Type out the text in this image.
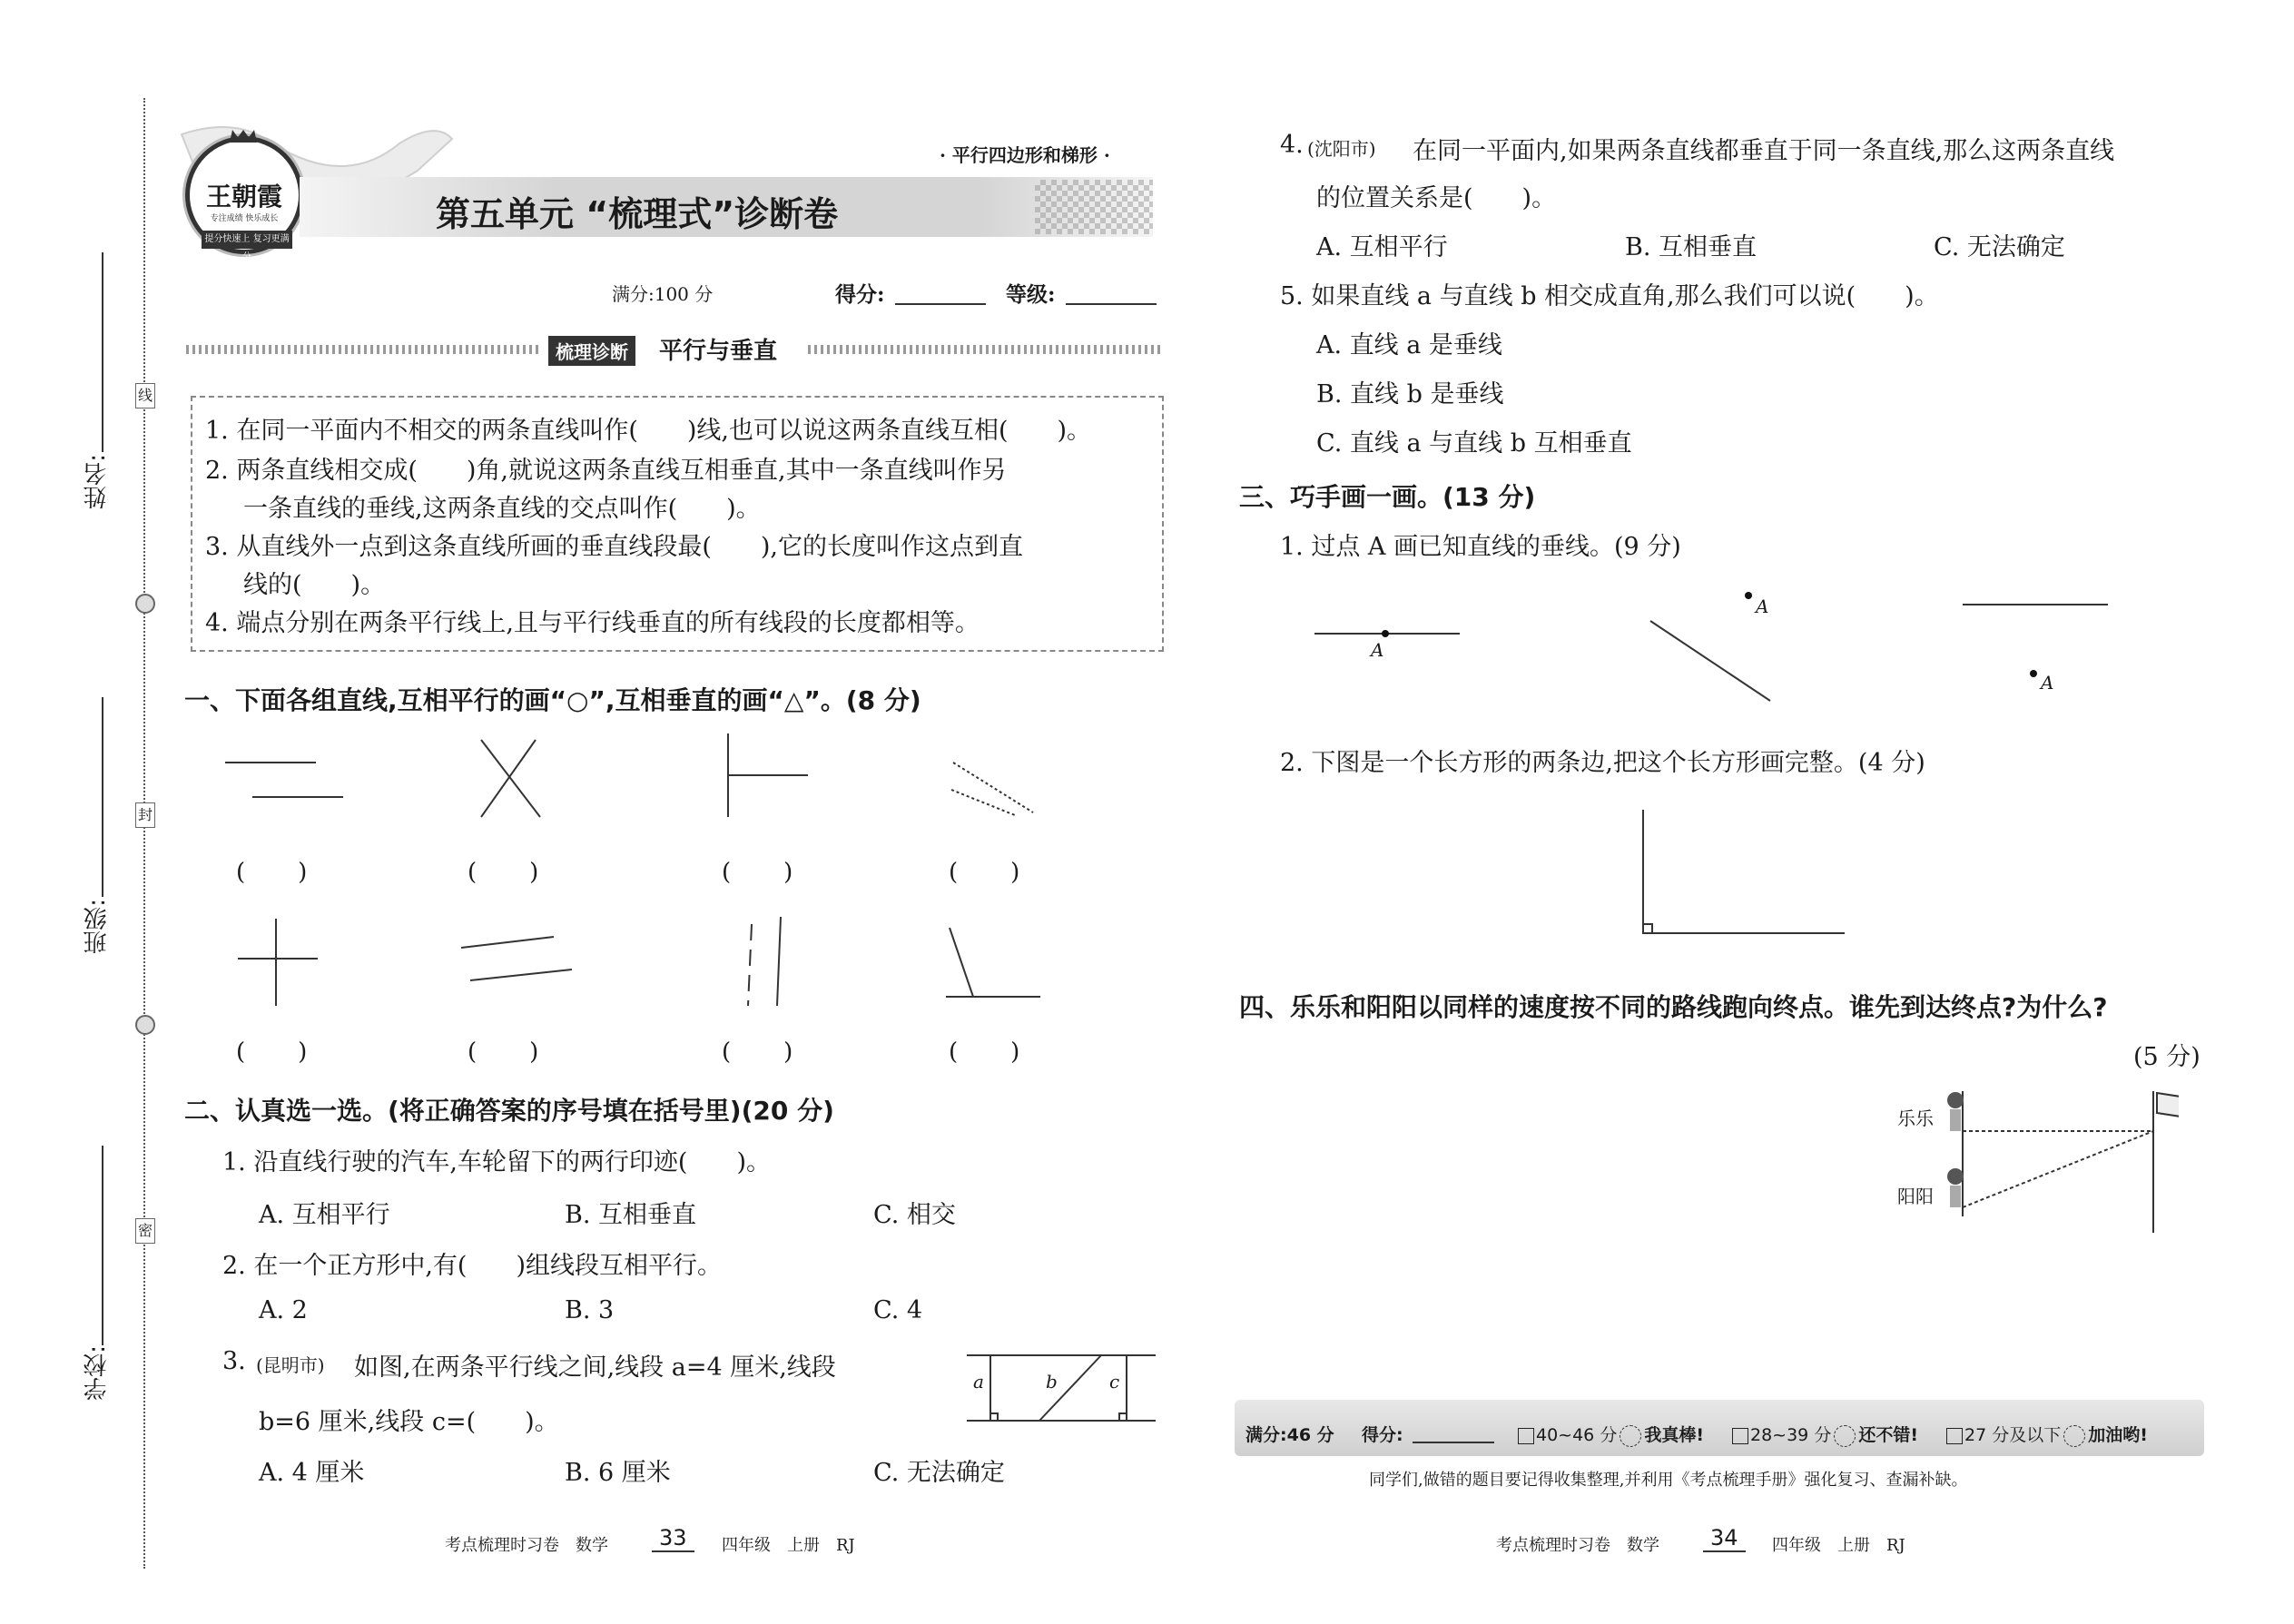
线
封
密
姓名:
班级:
学校:
王朝霞
专注成绩 快乐成长
提分快速上 复习更满分
· 平行四边形和梯形 ·
第五单元 “梳理式”诊断卷
满分:100 分	得分:	等级:
梳理诊断	平行与垂直
1. 在同一平面内不相交的两条直线叫作(　　)线,也可以说这两条直线互相(　　)。
2. 两条直线相交成(　　)角,就说这两条直线互相垂直,其中一条直线叫作另
一条直线的垂线,这两条直线的交点叫作(　　)。
3. 从直线外一点到这条直线所画的垂直线段最(　　),它的长度叫作这点到直
线的(　　)。
4. 端点分别在两条平行线上,且与平行线垂直的所有线段的长度都相等。
一、下面各组直线,互相平行的画“○”,互相垂直的画“△”。(8 分)
(　　)	(　　)	(　　)	(　　)
(　　)	(　　)	(　　)	(　　)
二、认真选一选。(将正确答案的序号填在括号里)(20 分)
1. 沿直线行驶的汽车,车轮留下的两行印迹(　　)。
A. 互相平行	B. 互相垂直	C. 相交
2. 在一个正方形中,有(　　)组线段互相平行。
A. 2	B. 3	C. 4
3. (昆明市) 如图,在两条平行线之间,线段 a=4 厘米,线段
b=6 厘米,线段 c=(　　)。
A. 4 厘米	B. 6 厘米	C. 无法确定
a	b	c
考点梳理时习卷　数学	33	四年级　上册　RJ
4. (沈阳市) 在同一平面内,如果两条直线都垂直于同一条直线,那么这两条直线
的位置关系是(　　)。
A. 互相平行	B. 互相垂直	C. 无法确定
5. 如果直线 a 与直线 b 相交成直角,那么我们可以说(　　)。
A. 直线 a 是垂线
B. 直线 b 是垂线
C. 直线 a 与直线 b 互相垂直
三、巧手画一画。(13 分)
1. 过点 A 画已知直线的垂线。(9 分)
A
A
A
2. 下图是一个长方形的两条边,把这个长方形画完整。(4 分)
四、乐乐和阳阳以同样的速度按不同的路线跑向终点。谁先到达终点?为什么?
(5 分)
乐乐
阳阳
满分:46 分 得分:	40~46 分 我真棒!	28~39 分 还不错!	27 分及以下 加油哟!
同学们,做错的题目要记得收集整理,并利用《考点梳理手册》强化复习、查漏补缺。
考点梳理时习卷　数学	34	四年级　上册　RJ
